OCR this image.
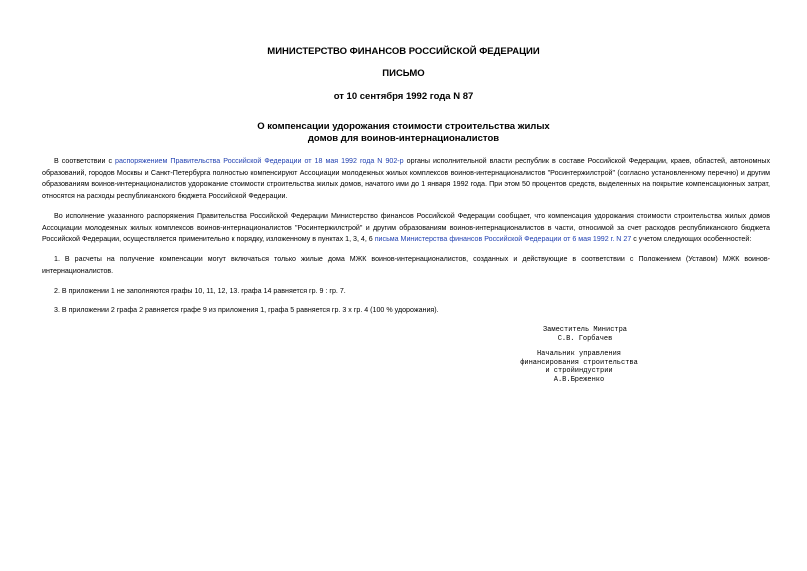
МИНИСТЕРСТВО ФИНАНСОВ РОССИЙСКОЙ ФЕДЕРАЦИИ
ПИСЬМО
от 10 сентября 1992 года N 87
О компенсации удорожания стоимости строительства жилых
домов для воинов-интернационалистов
В соответствии с распоряжением Правительства Российской Федерации от 18 мая 1992 года N 902-р органы исполнительной власти республик в составе Российской Федерации, краев, областей, автономных образований, городов Москвы и Санкт-Петербурга полностью компенсируют Ассоциации молодежных жилых комплексов воинов-интернационалистов "Росинтержилстрой" (согласно установленному перечню) и другим образованиям воинов-интернационалистов удорожание стоимости строительства жилых домов, начатого ими до 1 января 1992 года. При этом 50 процентов средств, выделенных на покрытие компенсационных затрат, относятся на расходы республиканского бюджета Российской Федерации.
Во исполнение указанного распоряжения Правительства Российской Федерации Министерство финансов Российской Федерации сообщает, что компенсация удорожания стоимости строительства жилых домов Ассоциации молодежных жилых комплексов воинов-интернационалистов "Росинтержилстрой" и другим образованиям воинов-интернационалистов в части, относимой за счет расходов республиканского бюджета Российской Федерации, осуществляется применительно к порядку, изложенному в пунктах 1, 3, 4, 6 письма Министерства финансов Российской Федерации от 6 мая 1992 г. N 27 с учетом следующих особенностей:
1. В расчеты на получение компенсации могут включаться только жилые дома МЖК воинов-интернационалистов, созданных и действующие в соответствии с Положением (Уставом) МЖК воинов-интернационалистов.
2. В приложении 1 не заполняются графы 10, 11, 12, 13. графа 14 равняется гр. 9 : гр. 7.
3. В приложении 2 графа 2 равняется графе 9 из приложения 1, графа 5 равняется гр. 3 х гр. 4 (100 % удорожания).
Заместитель Министра
С.В. Горбачев
Начальник управления
финансирования строительства
и стройиндустрии
А.В.Бреженко
